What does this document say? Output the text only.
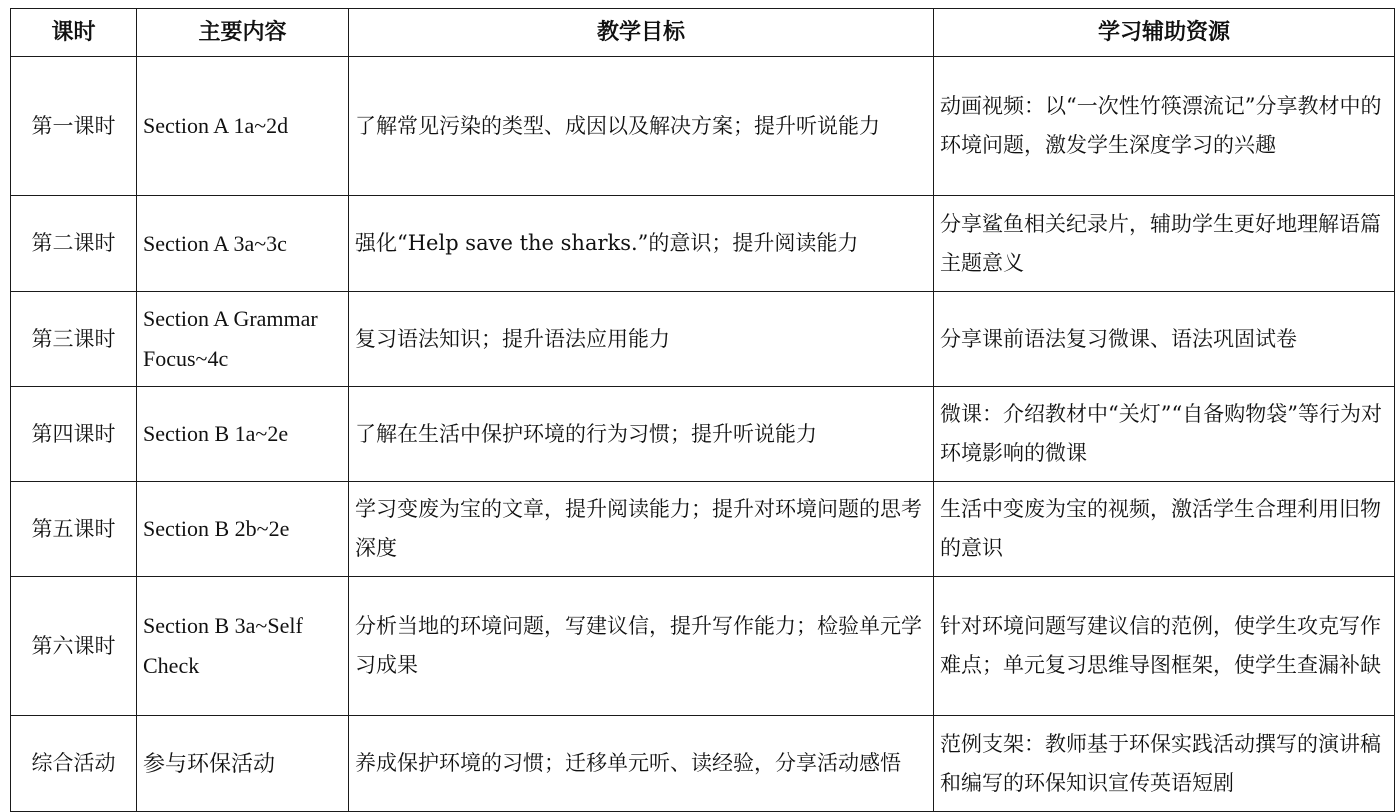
课时	主要内容	教学目标	学习辅助资源
第一课时	Section A 1a~2d	了解常见污染的类型、成因以及解决方案；提升听说能力	动画视频：以“一次性竹筷漂流记”分享教材中的环境问题，激发学生深度学习的兴趣
第二课时	Section A 3a~3c	强化“Help save the sharks.”的意识；提升阅读能力	分享鲨鱼相关纪录片，辅助学生更好地理解语篇主题意义
第三课时	Section A Grammar Focus~4c	复习语法知识；提升语法应用能力	分享课前语法复习微课、语法巩固试卷
第四课时	Section B 1a~2e	了解在生活中保护环境的行为习惯；提升听说能力	微课：介绍教材中“关灯”“自备购物袋”等行为对环境影响的微课
第五课时	Section B 2b~2e	学习变废为宝的文章，提升阅读能力；提升对环境问题的思考深度	生活中变废为宝的视频，激活学生合理利用旧物的意识
第六课时	Section B 3a~Self Check	分析当地的环境问题，写建议信，提升写作能力；检验单元学习成果	针对环境问题写建议信的范例，使学生攻克写作难点；单元复习思维导图框架，使学生查漏补缺
综合活动	参与环保活动	养成保护环境的习惯；迁移单元听、读经验，分享活动感悟	范例支架：教师基于环保实践活动撰写的演讲稿和编写的环保知识宣传英语短剧
